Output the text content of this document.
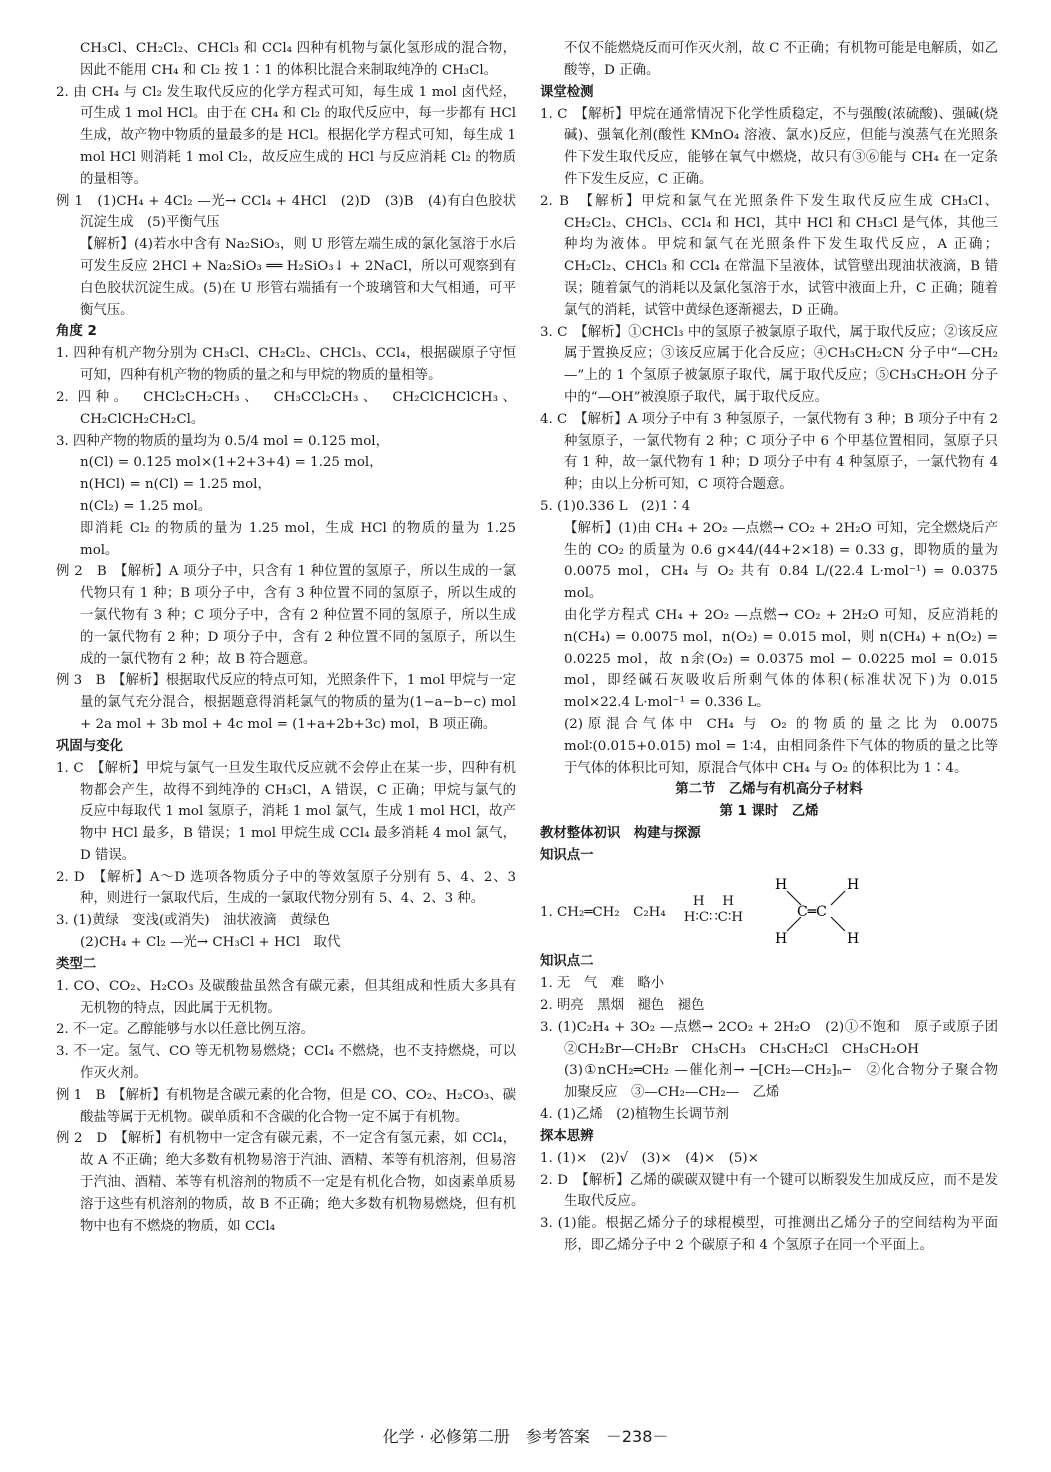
CH₃Cl、CH₂Cl₂、CHCl₃ 和 CCl₄ 四种有机物与氯化氢形成的混合物，因此不能用 CH₄ 和 Cl₂ 按 1∶1 的体积比混合来制取纯净的 CH₃Cl。

2. 由 CH₄ 与 Cl₂ 发生取代反应的化学方程式可知，每生成 1 mol 卤代烃，可生成 1 mol HCl。由于在 CH₄ 和 Cl₂ 的取代反应中，每一步都有 HCl 生成，故产物中物质的量最多的是 HCl。根据化学方程式可知，每生成 1 mol HCl 则消耗 1 mol Cl₂，故反应生成的 HCl 与反应消耗 Cl₂ 的物质的量相等。

例 1　(1)CH₄ + 4Cl₂ —光→ CCl₄ + 4HCl　(2)D　(3)B　(4)有白色胶状沉淀生成　(5)平衡气压

【解析】(4)若水中含有 Na₂SiO₃，则 U 形管左端生成的氯化氢溶于水后可发生反应 2HCl + Na₂SiO₃ ══ H₂SiO₃↓ + 2NaCl，所以可观察到有白色胶状沉淀生成。(5)在 U 形管右端插有一个玻璃管和大气相通，可平衡气压。

角度 2

1. 四种有机产物分别为 CH₃Cl、CH₂Cl₂、CHCl₃、CCl₄，根据碳原子守恒可知，四种有机产物的物质的量之和与甲烷的物质的量相等。

2. 四种。　CHCl₂CH₂CH₃、　CH₃CCl₂CH₃、　CH₂ClCHClCH₃、CH₂ClCH₂CH₂Cl。

3. 四种产物的物质的量均为 0.5/4 mol = 0.125 mol，

n(Cl) = 0.125 mol×(1+2+3+4) = 1.25 mol，

n(HCl) = n(Cl) = 1.25 mol，

n(Cl₂) = 1.25 mol。

即消耗 Cl₂ 的物质的量为 1.25 mol，生成 HCl 的物质的量为 1.25 mol。

例 2　B　【解析】A 项分子中，只含有 1 种位置的氢原子，所以生成的一氯代物只有 1 种；B 项分子中，含有 3 种位置不同的氢原子，所以生成的一氯代物有 3 种；C 项分子中，含有 2 种位置不同的氢原子，所以生成的一氯代物有 2 种；D 项分子中，含有 2 种位置不同的氢原子，所以生成的一氯代物有 2 种；故 B 符合题意。

例 3　B　【解析】根据取代反应的特点可知，光照条件下，1 mol 甲烷与一定量的氯气充分混合，根据题意得消耗氯气的物质的量为(1−a−b−c) mol + 2a mol + 3b mol + 4c mol = (1+a+2b+3c) mol，B 项正确。

巩固与变化

1. C　【解析】甲烷与氯气一旦发生取代反应就不会停止在某一步，四种有机物都会产生，故得不到纯净的 CH₃Cl，A 错误，C 正确；甲烷与氯气的反应中每取代 1 mol 氢原子，消耗 1 mol 氯气，生成 1 mol HCl，故产物中 HCl 最多，B 错误；1 mol 甲烷生成 CCl₄ 最多消耗 4 mol 氯气，D 错误。

2. D　【解析】A～D 选项各物质分子中的等效氢原子分别有 5、4、2、3 种，则进行一氯取代后，生成的一氯取代物分别有 5、4、2、3 种。

3. (1)黄绿　变浅(或消失)　油状液滴　黄绿色

(2)CH₄ + Cl₂ —光→ CH₃Cl + HCl　取代

类型二

1. CO、CO₂、H₂CO₃ 及碳酸盐虽然含有碳元素，但其组成和性质大多具有无机物的特点，因此属于无机物。

2. 不一定。乙醇能够与水以任意比例互溶。

3. 不一定。氢气、CO 等无机物易燃烧；CCl₄ 不燃烧，也不支持燃烧，可以作灭火剂。

例 1　B　【解析】有机物是含碳元素的化合物，但是 CO、CO₂、H₂CO₃、碳酸盐等属于无机物。碳单质和不含碳的化合物一定不属于有机物。

例 2　D　【解析】有机物中一定含有碳元素，不一定含有氢元素，如 CCl₄，故 A 不正确；绝大多数有机物易溶于汽油、酒精、苯等有机溶剂，但易溶于汽油、酒精、苯等有机溶剂的物质不一定是有机化合物，如卤素单质易溶于这些有机溶剂的物质，故 B 不正确；绝大多数有机物易燃烧，但有机物中也有不燃烧的物质，如 CCl₄

不仅不能燃烧反而可作灭火剂，故 C 不正确；有机物可能是电解质，如乙酸等，D 正确。

课堂检测

1. C　【解析】甲烷在通常情况下化学性质稳定，不与强酸(浓硫酸)、强碱(烧碱)、强氧化剂(酸性 KMnO₄ 溶液、氯水)反应，但能与溴蒸气在光照条件下发生取代反应，能够在氧气中燃烧，故只有③⑥能与 CH₄ 在一定条件下发生反应，C 正确。

2. B　【解析】甲烷和氯气在光照条件下发生取代反应生成 CH₃Cl、CH₂Cl₂、CHCl₃、CCl₄ 和 HCl，其中 HCl 和 CH₃Cl 是气体，其他三种均为液体。甲烷和氯气在光照条件下发生取代反应，A 正确；CH₂Cl₂、CHCl₃ 和 CCl₄ 在常温下呈液体，试管壁出现油状液滴，B 错误；随着氯气的消耗以及氯化氢溶于水，试管中液面上升，C 正确；随着氯气的消耗，试管中黄绿色逐渐褪去，D 正确。

3. C　【解析】①CHCl₃ 中的氢原子被氯原子取代，属于取代反应；②该反应属于置换反应；③该反应属于化合反应；④CH₃CH₂CN 分子中“—CH₂—”上的 1 个氢原子被氯原子取代，属于取代反应；⑤CH₃CH₂OH 分子中的“—OH”被溴原子取代，属于取代反应。

4. C　【解析】A 项分子中有 3 种氢原子，一氯代物有 3 种；B 项分子中有 2 种氢原子，一氯代物有 2 种；C 项分子中 6 个甲基位置相同，氢原子只有 1 种，故一氯代物有 1 种；D 项分子中有 4 种氢原子，一氯代物有 4 种；由以上分析可知，C 项符合题意。

5. (1)0.336 L　(2)1∶4

【解析】(1)由 CH₄ + 2O₂ —点燃→ CO₂ + 2H₂O 可知，完全燃烧后产生的 CO₂ 的质量为 0.6 g×44/(44+2×18) = 0.33 g，即物质的量为 0.0075 mol，CH₄ 与 O₂ 共有 0.84 L/(22.4 L·mol⁻¹) = 0.0375 mol。

由化学方程式 CH₄ + 2O₂ —点燃→ CO₂ + 2H₂O 可知，反应消耗的 n(CH₄) = 0.0075 mol，n(O₂) = 0.015 mol，则 n(CH₄) + n(O₂) = 0.0225 mol，故 n余(O₂) = 0.0375 mol − 0.0225 mol = 0.015 mol，即经碱石灰吸收后所剩气体的体积(标准状况下)为 0.015 mol×22.4 L·mol⁻¹ = 0.336 L。

(2)原混合气体中 CH₄ 与 O₂ 的物质的量之比为 0.0075 mol∶(0.015+0.015) mol = 1∶4，由相同条件下气体的物质的量之比等于气体的体积比可知，原混合气体中 CH₄ 与 O₂ 的体积比为 1∶4。

第二节　乙烯与有机高分子材料

第 1 课时　乙烯

教材整体初识　构建与探源

知识点一

1. CH₂═CH₂　C₂H₄
H　 H
H∶C∷C∶H
H	H
C═C
H	H

知识点二

1. 无　气　难　略小

2. 明亮　黑烟　褪色　褪色

3. (1)C₂H₄ + 3O₂ —点燃→ 2CO₂ + 2H₂O　(2)①不饱和　原子或原子团　②CH₂Br—CH₂Br　CH₃CH₃　CH₃CH₂Cl　CH₃CH₂OH

(3)①nCH₂═CH₂ —催化剂→ ─[CH₂—CH₂]ₙ─　②化合物分子聚合物　加聚反应　③—CH₂—CH₂—　乙烯

4. (1)乙烯　(2)植物生长调节剂

探本思辨

1. (1)×　(2)√　(3)×　(4)×　(5)×

2. D　【解析】乙烯的碳碳双键中有一个键可以断裂发生加成反应，而不是发生取代反应。

3. (1)能。根据乙烯分子的球棍模型，可推测出乙烯分子的空间结构为平面形，即乙烯分子中 2 个碳原子和 4 个氢原子在同一个平面上。

化学 · 必修第二册　参考答案　－238－
